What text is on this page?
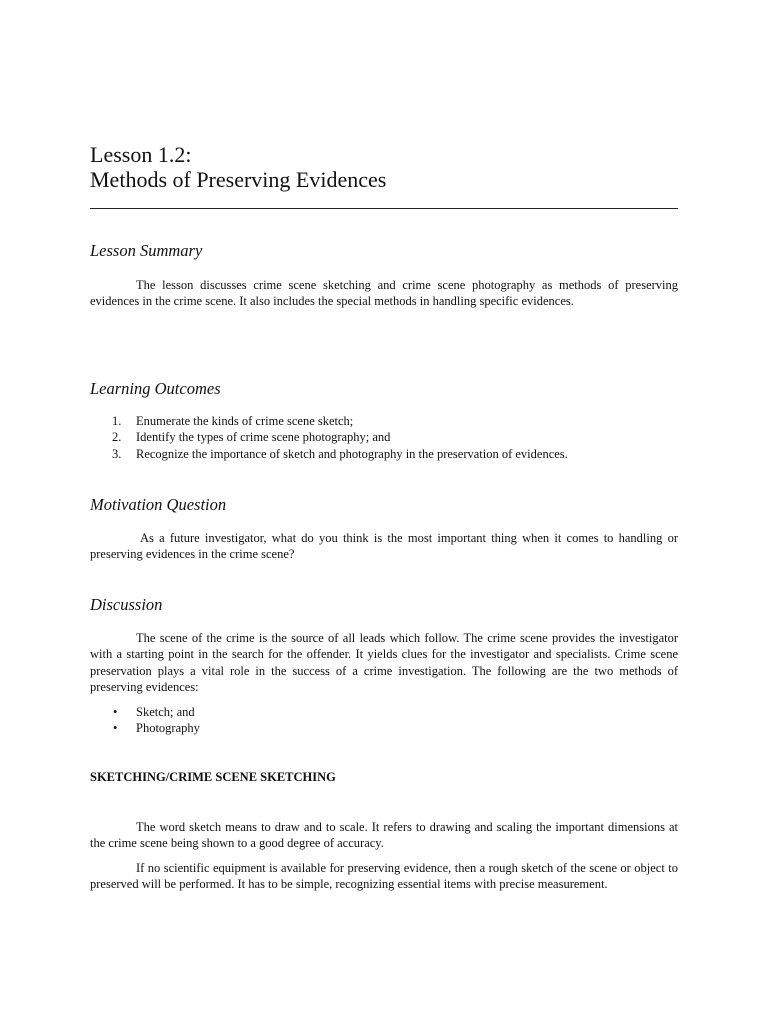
Lesson 1.2:
Methods of Preserving Evidences
Lesson Summary

The lesson discusses crime scene sketching and crime scene photography as methods of preserving evidences in the crime scene. It also includes the special methods in handling specific evidences.

Learning Outcomes
1. Enumerate the kinds of crime scene sketch;
2. Identify the types of crime scene photography; and
3. Recognize the importance of sketch and photography in the preservation of evidences.
Motivation Question

As a future investigator, what do you think is the most important thing when it comes to handling or preserving evidences in the crime scene?

Discussion

The scene of the crime is the source of all leads which follow. The crime scene provides the investigator with a starting point in the search for the offender. It yields clues for the investigator and specialists. Crime scene preservation plays a vital role in the success of a crime investigation. The following are the two methods of preserving evidences:

• Sketch; and
• Photography
SKETCHING/CRIME SCENE SKETCHING

The word sketch means to draw and to scale. It refers to drawing and scaling the important dimensions at the crime scene being shown to a good degree of accuracy.

If no scientific equipment is available for preserving evidence, then a rough sketch of the scene or object to preserved will be performed. It has to be simple, recognizing essential items with precise measurement.
